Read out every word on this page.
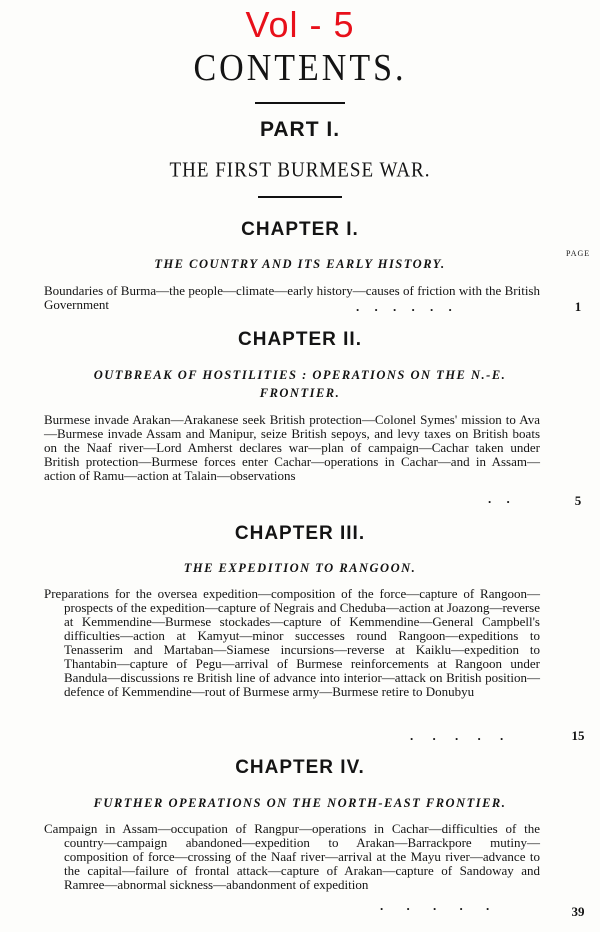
Vol - 5
CONTENTS.
PART I.
THE FIRST BURMESE WAR.
CHAPTER I.
PAGE
THE COUNTRY AND ITS EARLY HISTORY.
Boundaries of Burma—the people—climate—early history—causes of friction with the British Government	. . . . . .	1
CHAPTER II.
OUTBREAK OF HOSTILITIES : OPERATIONS ON THE N.-E.
FRONTIER.
Burmese invade Arakan—Arakanese seek British protection—Colonel Symes' mission to Ava—Burmese invade Assam and Manipur, seize British sepoys, and levy taxes on British boats on the Naaf river—Lord Amherst declares war—plan of campaign—Cachar taken under British protection—Burmese forces enter Cachar—operations in Cachar—and in Assam—action of Ramu—action at Talain—observations
. .	5
CHAPTER III.
THE EXPEDITION TO RANGOON.
Preparations for the oversea expedition—composition of the force—capture of Rangoon—prospects of the expedition—capture of Negrais and Cheduba—action at Joazong—reverse at Kemmendine—Burmese stockades—capture of Kemmendine—General Campbell's difficulties—action at Kamyut—minor successes round Rangoon—expeditions to Tenasserim and Martaban—Siamese incursions—reverse at Kaiklu—expedition to Thantabin—capture of Pegu—arrival of Burmese reinforcements at Rangoon under Bandula—discussions re British line of advance into interior—attack on British position—defence of Kemmendine—rout of Burmese army—Burmese retire to Donubyu
. . . . .	15
CHAPTER IV.
FURTHER OPERATIONS ON THE NORTH-EAST FRONTIER.
Campaign in Assam—occupation of Rangpur—operations in Cachar—difficulties of the country—campaign abandoned—expedition to Arakan—Barrackpore mutiny—composition of force—crossing of the Naaf river—arrival at the Mayu river—advance to the capital—failure of frontal attack—capture of Arakan—capture of Sandoway and Ramree—abnormal sickness—abandonment of expedition
. . . . .	39
